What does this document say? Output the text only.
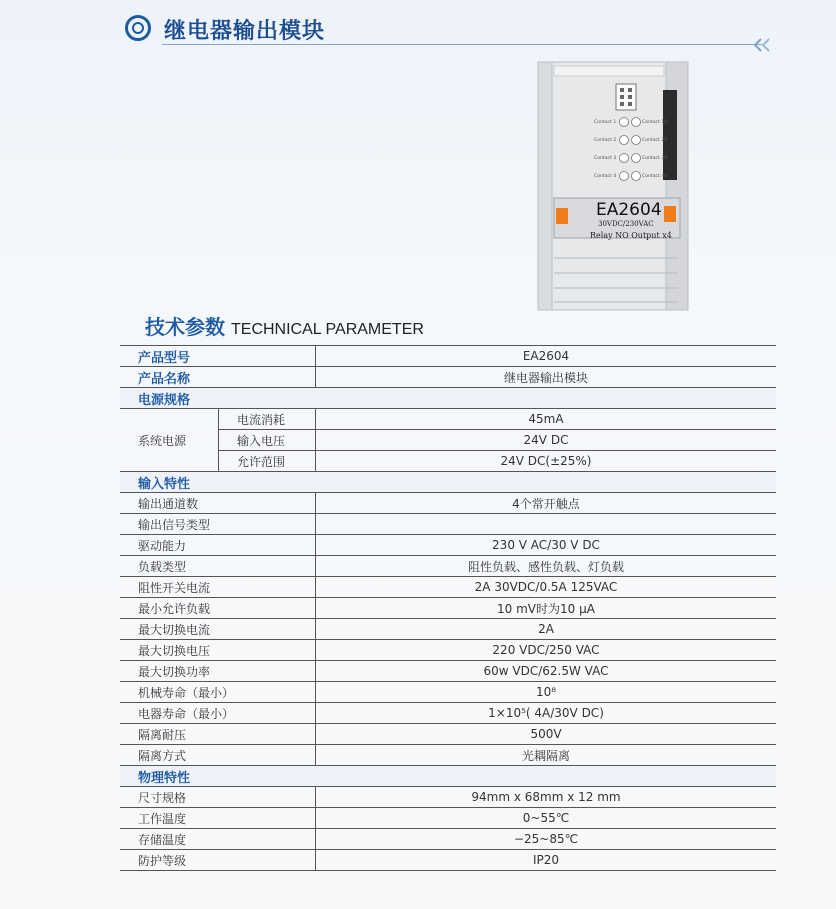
继电器输出模块
Contact 1
Contact 2
Contact 3
Contact 4
Contact 1B
Contact 2B
Contact 3B
Contact 4B
EA2604
30VDC/230VAC
Relay NO Output x4
技术参数 TECHNICAL PARAMETER
产品型号		EA2604
产品名称		继电器输出模块
电源规格		
系统电源	电流消耗	45mA
	输入电压	24V DC
	允许范围	24V DC(±25%)
输入特性		
输出通道数		4个常开触点
输出信号类型		
驱动能力		230 V AC/30 V DC
负载类型		阻性负载、感性负载、灯负载
阻性开关电流		2A 30VDC/0.5A 125VAC
最小允许负载		10 mV时为10 μA
最大切换电流		2A
最大切换电压		220 VDC/250 VAC
最大切换功率		60w VDC/62.5W VAC
机械寿命（最小）		10⁸
电器寿命（最小）		1×10⁵( 4A/30V DC)
隔离耐压		500V
隔离方式		光耦隔离
物理特性		
尺寸规格		94mm x 68mm x 12 mm
工作温度		0~55℃
存储温度		−25~85℃
防护等级		IP20
